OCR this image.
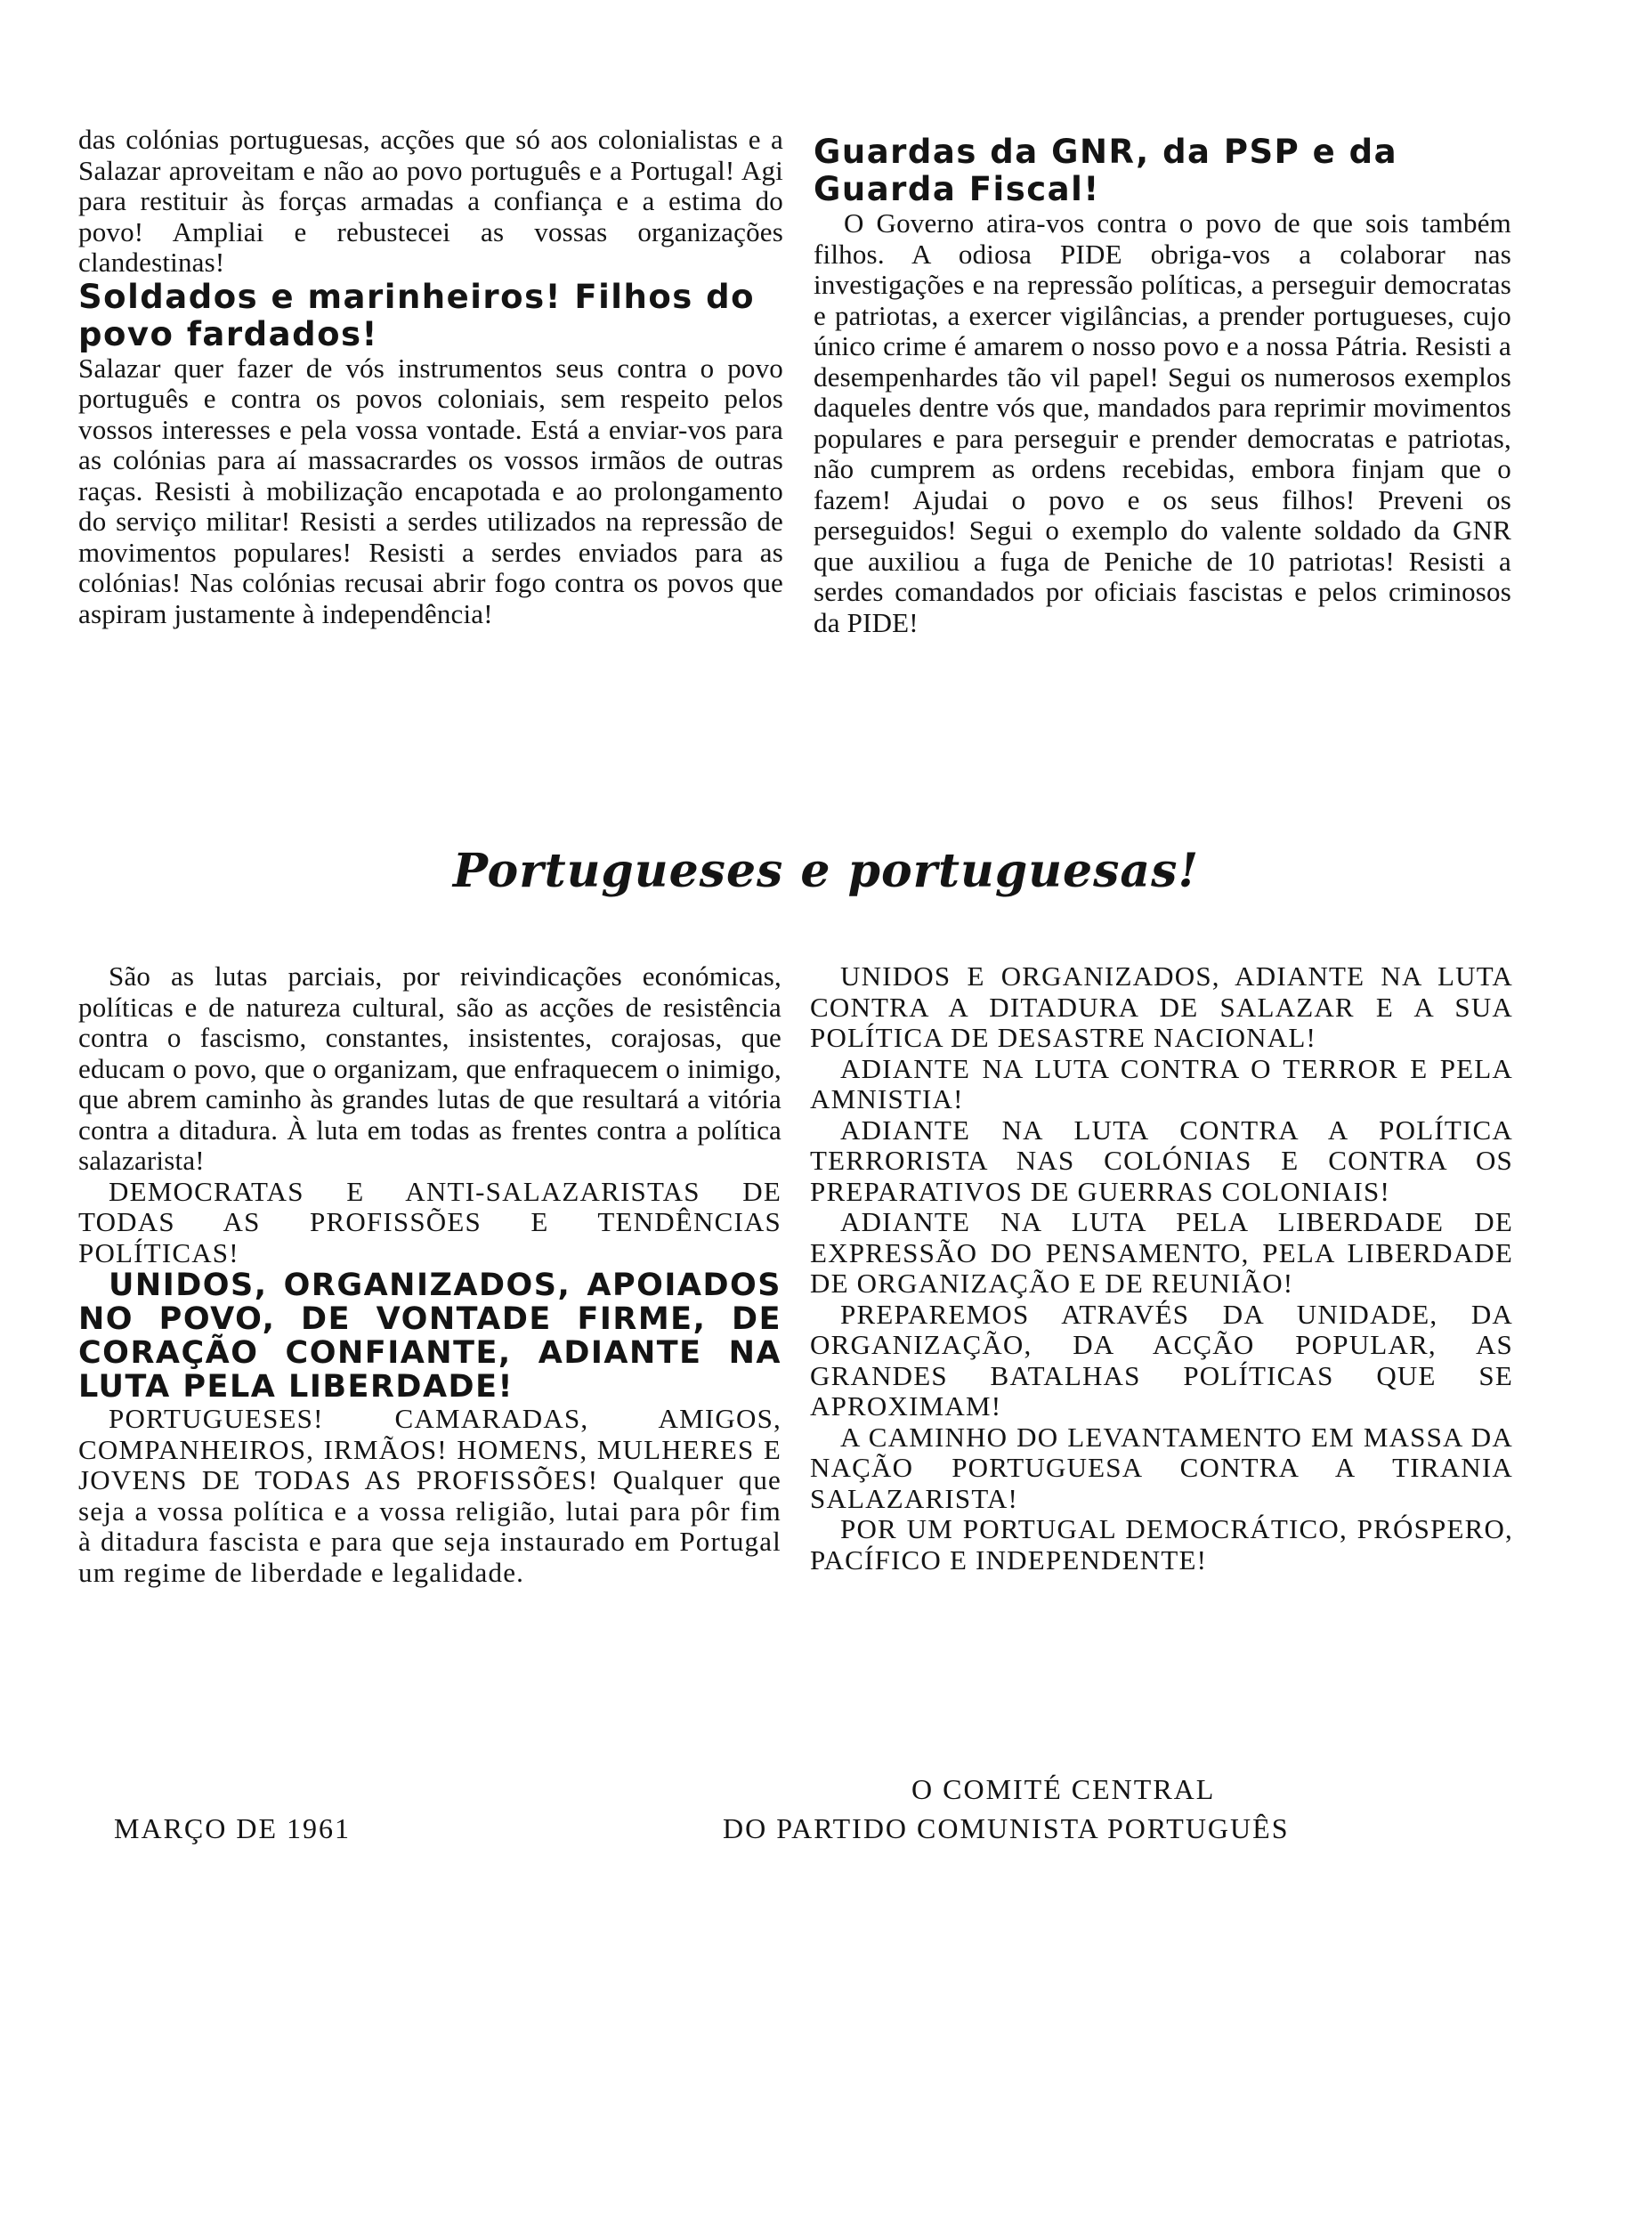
das colónias portuguesas, acções que só aos colonialistas e a Salazar aproveitam e não ao povo português e a Portugal! Agi para restituir às forças armadas a confiança e a estima do povo! Ampliai e rebustecei as vossas organizações clandestinas!

Soldados e marinheiros! Filhos do povo fardados!

Salazar quer fazer de vós instrumentos seus contra o povo português e contra os povos coloniais, sem respeito pelos vossos interesses e pela vossa vontade. Está a enviar-vos para as colónias para aí massacrardes os vossos irmãos de outras raças. Resisti à mobilização encapotada e ao prolongamento do serviço militar! Resisti a serdes utilizados na repressão de movimentos populares! Resisti a serdes enviados para as colónias! Nas colónias recusai abrir fogo contra os povos que aspiram justamente à independência!

Guardas da GNR, da PSP e da Guarda Fiscal!

O Governo atira-vos contra o povo de que sois também filhos. A odiosa PIDE obriga-vos a colaborar nas investigações e na repressão políticas, a perseguir democratas e patriotas, a exercer vigilâncias, a prender portugueses, cujo único crime é amarem o nosso povo e a nossa Pátria. Resisti a desempenhardes tão vil papel! Segui os numerosos exemplos daqueles dentre vós que, mandados para reprimir movimentos populares e para perseguir e prender democratas e patriotas, não cumprem as ordens recebidas, embora finjam que o fazem! Ajudai o povo e os seus filhos! Preveni os perseguidos! Segui o exemplo do valente soldado da GNR que auxiliou a fuga de Peniche de 10 patriotas! Resisti a serdes comandados por oficiais fascistas e pelos criminosos da PIDE!

Portugueses e portuguesas!

São as lutas parciais, por reivindicações económicas, políticas e de natureza cultural, são as acções de resistência contra o fascismo, constantes, insistentes, corajosas, que educam o povo, que o organizam, que enfraquecem o inimigo, que abrem caminho às grandes lutas de que resultará a vitória contra a ditadura. À luta em todas as frentes contra a política salazarista!

DEMOCRATAS E ANTI-SALAZARISTAS DE TODAS AS PROFISSÕES E TENDÊNCIAS POLÍTICAS!

UNIDOS, ORGANIZADOS, APOIADOS NO POVO, DE VONTADE FIRME, DE CORAÇÃO CONFIANTE, ADIANTE NA LUTA PELA LIBERDADE!

PORTUGUESES! CAMARADAS, AMIGOS, COMPANHEIROS, IRMÃOS! HOMENS, MULHERES E JOVENS DE TODAS AS PROFISSÕES! Qualquer que seja a vossa política e a vossa religião, lutai para pôr fim à ditadura fascista e para que seja instaurado em Portugal um regime de liberdade e legalidade.

UNIDOS E ORGANIZADOS, ADIANTE NA LUTA CONTRA A DITADURA DE SALAZAR E A SUA POLÍTICA DE DESASTRE NACIONAL!

ADIANTE NA LUTA CONTRA O TERROR E PELA AMNISTIA!

ADIANTE NA LUTA CONTRA A POLÍTICA TERRORISTA NAS COLÓNIAS E CONTRA OS PREPARATIVOS DE GUERRAS COLONIAIS!

ADIANTE NA LUTA PELA LIBERDADE DE EXPRESSÃO DO PENSAMENTO, PELA LIBERDADE DE ORGANIZAÇÃO E DE REUNIÃO!

PREPAREMOS ATRAVÉS DA UNIDADE, DA ORGANIZAÇÃO, DA ACÇÃO POPULAR, AS GRANDES BATALHAS POLÍTICAS QUE SE APROXIMAM!

A CAMINHO DO LEVANTAMENTO EM MASSA DA NAÇÃO PORTUGUESA CONTRA A TIRANIA SALAZARISTA!

POR UM PORTUGAL DEMOCRÁTICO, PRÓSPERO, PACÍFICO E INDEPENDENTE!

MARÇO DE 1961
O COMITÉ CENTRAL
DO PARTIDO COMUNISTA PORTUGUÊS
